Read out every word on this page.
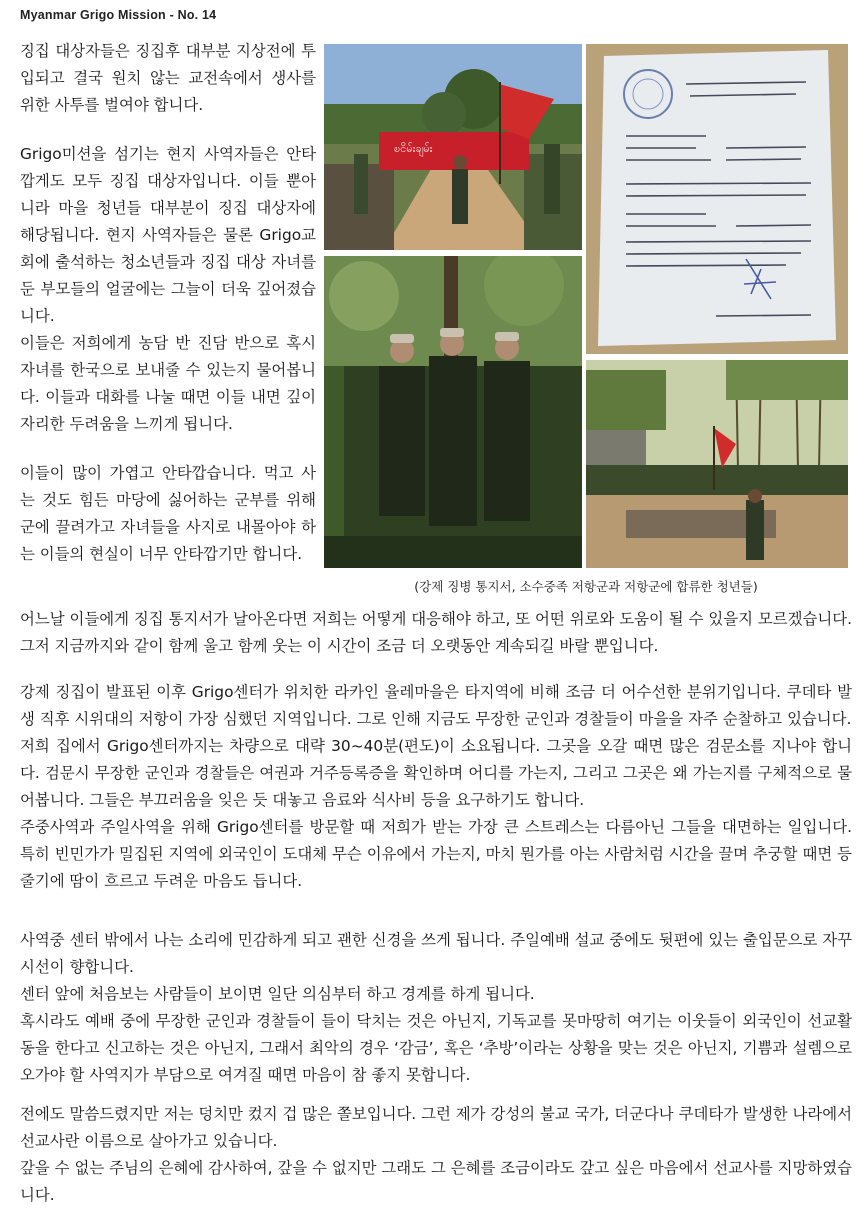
Myanmar Grigo Mission - No. 14

징집 대상자들은 징집후 대부분 지상전에 투입되고 결국 원치 않는 교전속에서 생사를 위한 사투를 벌여야 합니다.

Grigo미션을 섬기는 현지 사역자들은 안타깝게도 모두 징집 대상자입니다. 이들 뿐아니라 마을 청년들 대부분이 징집 대상자에 해당됩니다. 현지 사역자들은 물론 Grigo교회에 출석하는 청소년들과 징집 대상 자녀를 둔 부모들의 얼굴에는 그늘이 더욱 깊어졌습니다.

이들은 저희에게 농담 반 진담 반으로 혹시 자녀를 한국으로 보내줄 수 있는지 물어봅니다. 이들과 대화를 나눌 때면 이들 내면 깊이 자리한 두려움을 느끼게 됩니다.

이들이 많이 가엽고 안타깝습니다. 먹고 사는 것도 힘든 마당에 싫어하는 군부를 위해 군에 끌려가고 자녀들을 사지로 내몰아야 하는 이들의 현실이 너무 안타깝기만 합니다.

ၿငိမ်းချမ်း
(강제 징병 통지서, 소수중족 저항군과 저항군에 합류한 청년들)

어느날 이들에게 징집 통지서가 날아온다면 저희는 어떻게 대응해야 하고, 또 어떤 위로와 도움이 될 수 있을지 모르겠습니다. 그저 지금까지와 같이 함께 울고 함께 웃는 이 시간이 조금 더 오랫동안 계속되길 바랄 뿐입니다.

강제 징집이 발표된 이후 Grigo센터가 위치한 라카인 율레마을은 타지역에 비해 조금 더 어수선한 분위기입니다. 쿠데타 발생 직후 시위대의 저항이 가장 심했던 지역입니다. 그로 인해 지금도 무장한 군인과 경찰들이 마을을 자주 순찰하고 있습니다.

저희 집에서 Grigo센터까지는 차량으로 대략 30~40분(편도)이 소요됩니다. 그곳을 오갈 때면 많은 검문소를 지나야 합니다. 검문시 무장한 군인과 경찰들은 여권과 거주등록증을 확인하며 어디를 가는지, 그리고 그곳은 왜 가는지를 구체적으로 물어봅니다. 그들은 부끄러움을 잊은 듯 대놓고 음료와 식사비 등을 요구하기도 합니다.

주중사역과 주일사역을 위해 Grigo센터를 방문할 때 저희가 받는 가장 큰 스트레스는 다름아닌 그들을 대면하는 일입니다. 특히 빈민가가 밀집된 지역에 외국인이 도대체 무슨 이유에서 가는지, 마치 뭔가를 아는 사람처럼 시간을 끌며 추궁할 때면 등줄기에 땀이 흐르고 두려운 마음도 듭니다.

사역중 센터 밖에서 나는 소리에 민감하게 되고 괜한 신경을 쓰게 됩니다. 주일예배 설교 중에도 뒷편에 있는 출입문으로 자꾸 시선이 향합니다.

센터 앞에 처음보는 사람들이 보이면 일단 의심부터 하고 경계를 하게 됩니다.

혹시라도 예배 중에 무장한 군인과 경찰들이 들이 닥치는 것은 아닌지, 기독교를 못마땅히 여기는 이웃들이 외국인이 선교활동을 한다고 신고하는 것은 아닌지, 그래서 최악의 경우 ‘감금’, 혹은 ‘추방’이라는 상황을 맞는 것은 아닌지, 기쁨과 설렘으로 오가야 할 사역지가 부담으로 여겨질 때면 마음이 참 좋지 못합니다.

전에도 말씀드렸지만 저는 덩치만 컸지 겁 많은 쫄보입니다. 그런 제가 강성의 불교 국가, 더군다나 쿠데타가 발생한 나라에서 선교사란 이름으로 살아가고 있습니다.

갚을 수 없는 주님의 은혜에 감사하여, 갚을 수 없지만 그래도 그 은혜를 조금이라도 갚고 싶은 마음에서 선교사를 지망하였습니다.
